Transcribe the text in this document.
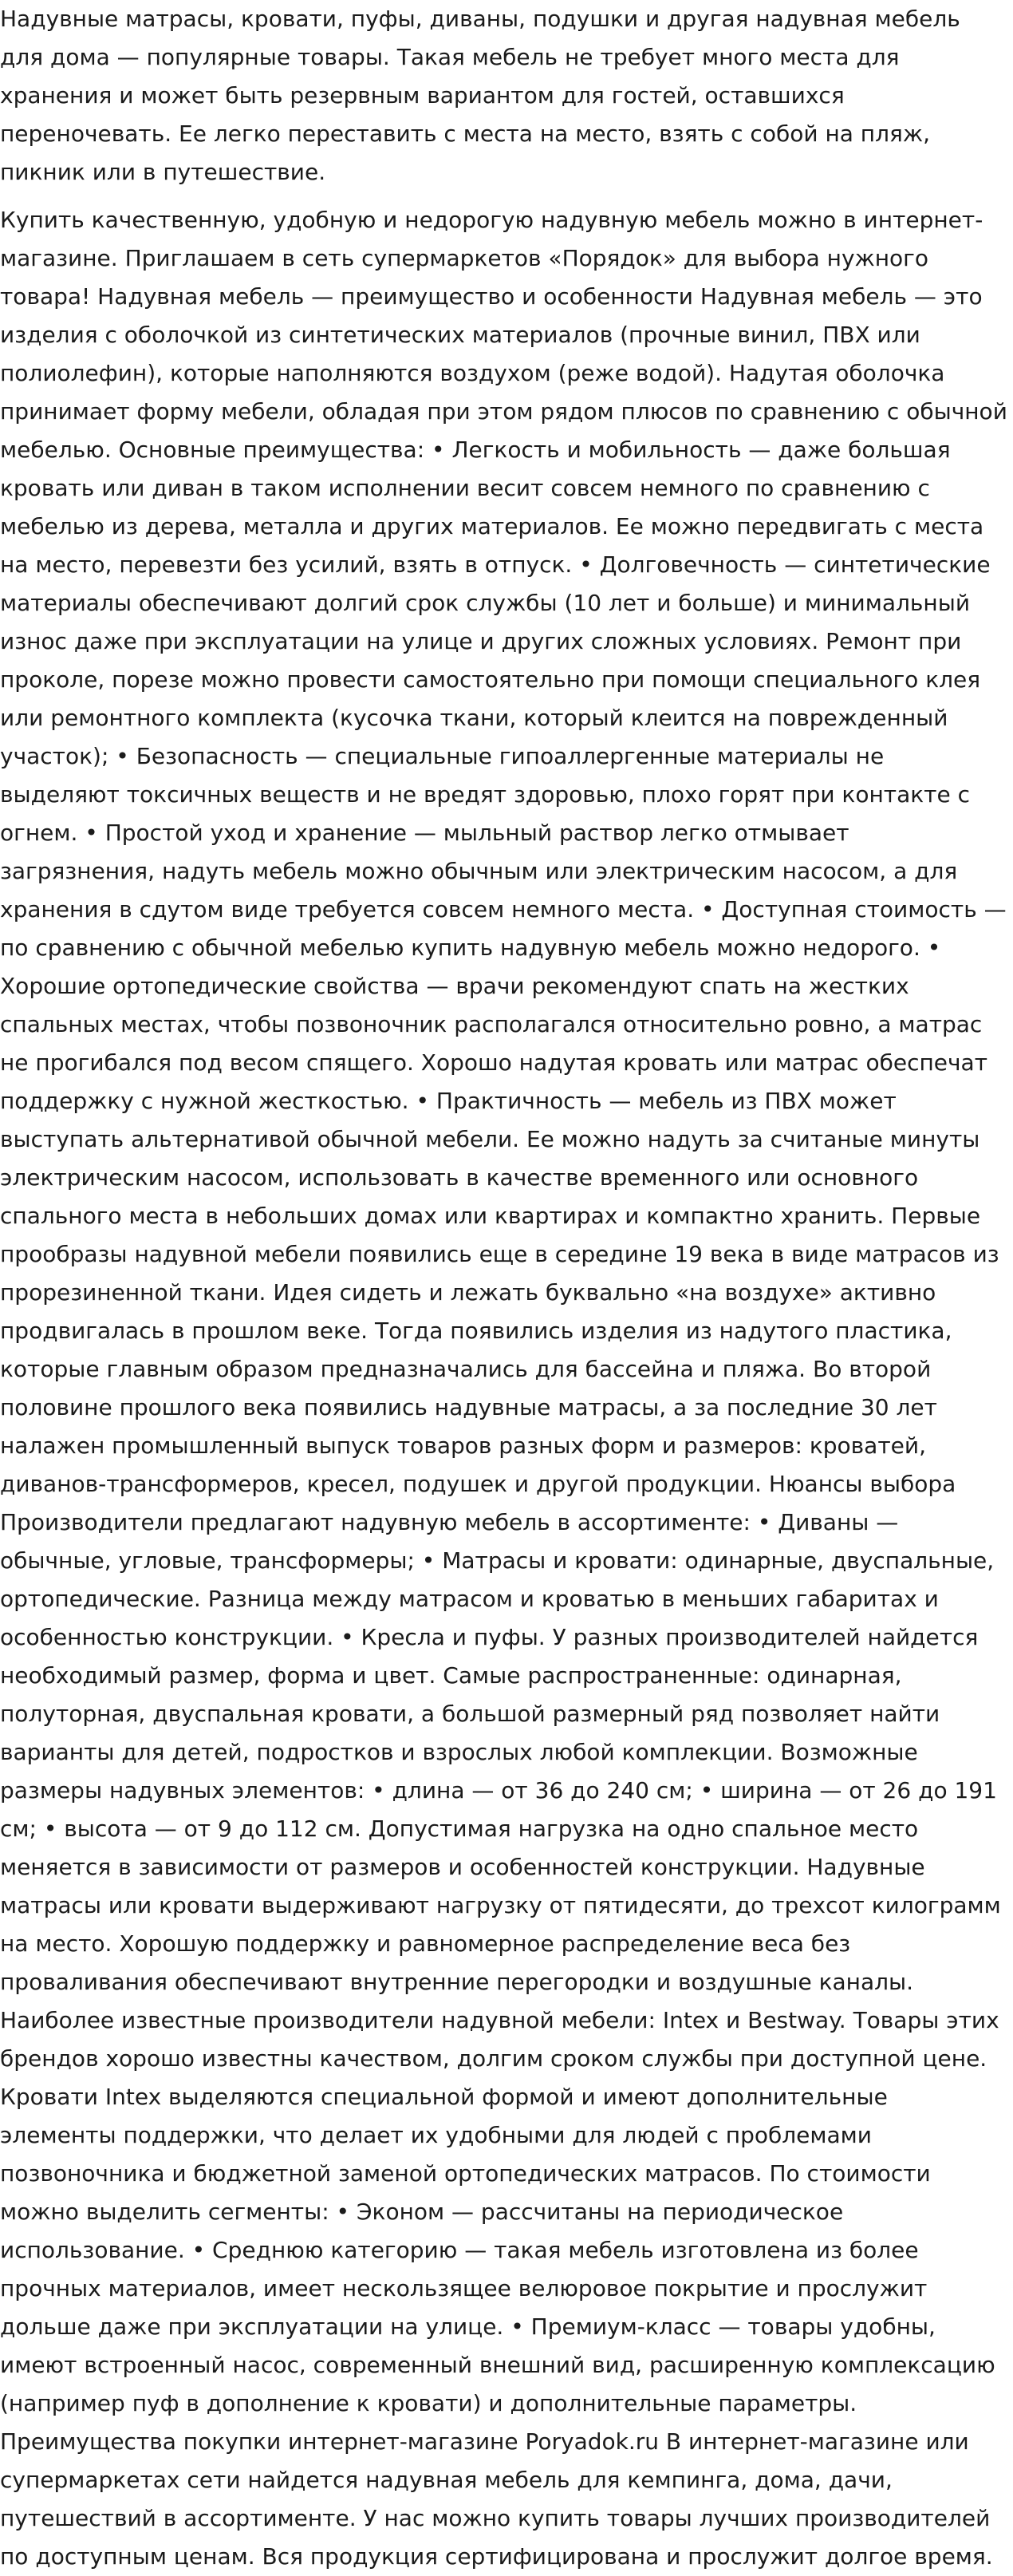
Надувные матрасы, кровати, пуфы, диваны, подушки и другая надувная мебель для дома — популярные товары. Такая мебель не требует много места для хранения и может быть резервным вариантом для гостей, оставшихся переночевать. Ее легко переставить с места на место, взять с собой на пляж, пикник или в путешествие.

Купить качественную, удобную и недорогую надувную мебель можно в интернет-магазине. Приглашаем в сеть супермаркетов «Порядок» для выбора нужного товара! Надувная мебель — преимущество и особенности Надувная мебель — это изделия с оболочкой из синтетических материалов (прочные винил, ПВХ или полиолефин), которые наполняются воздухом (реже водой). Надутая оболочка принимает форму мебели, обладая при этом рядом плюсов по сравнению с обычной мебелью. Основные преимущества: • Легкость и мобильность — даже большая кровать или диван в таком исполнении весит совсем немного по сравнению с мебелью из дерева, металла и других материалов. Ее можно передвигать с места на место, перевезти без усилий, взять в отпуск. • Долговечность — синтетические материалы обеспечивают долгий срок службы (10 лет и больше) и минимальный износ даже при эксплуатации на улице и других сложных условиях. Ремонт при проколе, порезе можно провести самостоятельно при помощи специального клея или ремонтного комплекта (кусочка ткани, который клеится на поврежденный участок); • Безопасность — специальные гипоаллергенные материалы не выделяют токсичных веществ и не вредят здоровью, плохо горят при контакте с огнем. • Простой уход и хранение — мыльный раствор легко отмывает загрязнения, надуть мебель можно обычным или электрическим насосом, а для хранения в сдутом виде требуется совсем немного места. • Доступная стоимость — по сравнению с обычной мебелью купить надувную мебель можно недорого. • Хорошие ортопедические свойства — врачи рекомендуют спать на жестких спальных местах, чтобы позвоночник располагался относительно ровно, а матрас не прогибался под весом спящего. Хорошо надутая кровать или матрас обеспечат поддержку с нужной жесткостью. • Практичность — мебель из ПВХ может выступать альтернативой обычной мебели. Ее можно надуть за считаные минуты электрическим насосом, использовать в качестве временного или основного спального места в небольших домах или квартирах и компактно хранить. Первые прообразы надувной мебели появились еще в середине 19 века в виде матрасов из прорезиненной ткани. Идея сидеть и лежать буквально «на воздухе» активно продвигалась в прошлом веке. Тогда появились изделия из надутого пластика, которые главным образом предназначались для бассейна и пляжа. Во второй половине прошлого века появились надувные матрасы, а за последние 30 лет налажен промышленный выпуск товаров разных форм и размеров: кроватей, диванов-трансформеров, кресел, подушек и другой продукции. Нюансы выбора Производители предлагают надувную мебель в ассортименте: • Диваны — обычные, угловые, трансформеры; • Матрасы и кровати: одинарные, двуспальные, ортопедические. Разница между матрасом и кроватью в меньших габаритах и особенностью конструкции. • Кресла и пуфы. У разных производителей найдется необходимый размер, форма и цвет. Самые распространенные: одинарная, полуторная, двуспальная кровати, а большой размерный ряд позволяет найти варианты для детей, подростков и взрослых любой комплекции. Возможные размеры надувных элементов: • длина — от 36 до 240 см; • ширина — от 26 до 191 см; • высота — от 9 до 112 см. Допустимая нагрузка на одно спальное место меняется в зависимости от размеров и особенностей конструкции. Надувные матрасы или кровати выдерживают нагрузку от пятидесяти, до трехсот килограмм на место. Хорошую поддержку и равномерное распределение веса без проваливания обеспечивают внутренние перегородки и воздушные каналы. Наиболее известные производители надувной мебели: Intex и Bestway. Товары этих брендов хорошо известны качеством, долгим сроком службы при доступной цене. Кровати Intex выделяются специальной формой и имеют дополнительные элементы поддержки, что делает их удобными для людей с проблемами позвоночника и бюджетной заменой ортопедических матрасов. По стоимости можно выделить сегменты: • Эконом — рассчитаны на периодическое использование. • Среднюю категорию — такая мебель изготовлена из более прочных материалов, имеет нескользящее велюровое покрытие и прослужит дольше даже при эксплуатации на улице. • Премиум-класс — товары удобны, имеют встроенный насос, современный внешний вид, расширенную комплексацию (например пуф в дополнение к кровати) и дополнительные параметры. Преимущества покупки интернет-магазине Poryadok.ru В интернет-магазине или супермаркетах сети найдется надувная мебель для кемпинга, дома, дачи, путешествий в ассортименте. У нас можно купить товары лучших производителей по доступным ценам. Вся продукция сертифицирована и прослужит долгое время.
